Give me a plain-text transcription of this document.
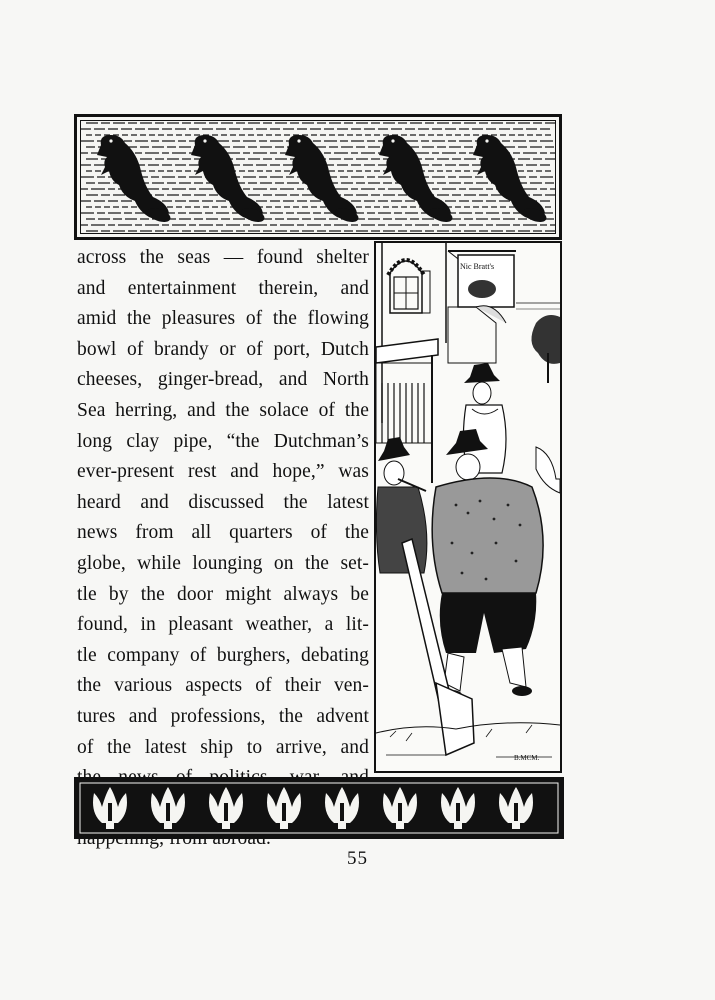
across the seas — found shelter
and entertainment therein, and
amid the pleasures of the flowing
bowl of brandy or of port, Dutch
cheeses, ginger-bread, and North
Sea herring, and the solace of the
long clay pipe, “the Dutchman’s
ever-present rest and hope,” was
heard and discussed the latest
news from all quarters of the
globe, while lounging on the set-
tle by the door might always be
found, in pleasant weather, a lit-
tle company of burghers, debating
the various aspects of their ven-
tures and professions, the advent
of the latest ship to arrive, and
Nic Bratt's
B.MCM.
55
